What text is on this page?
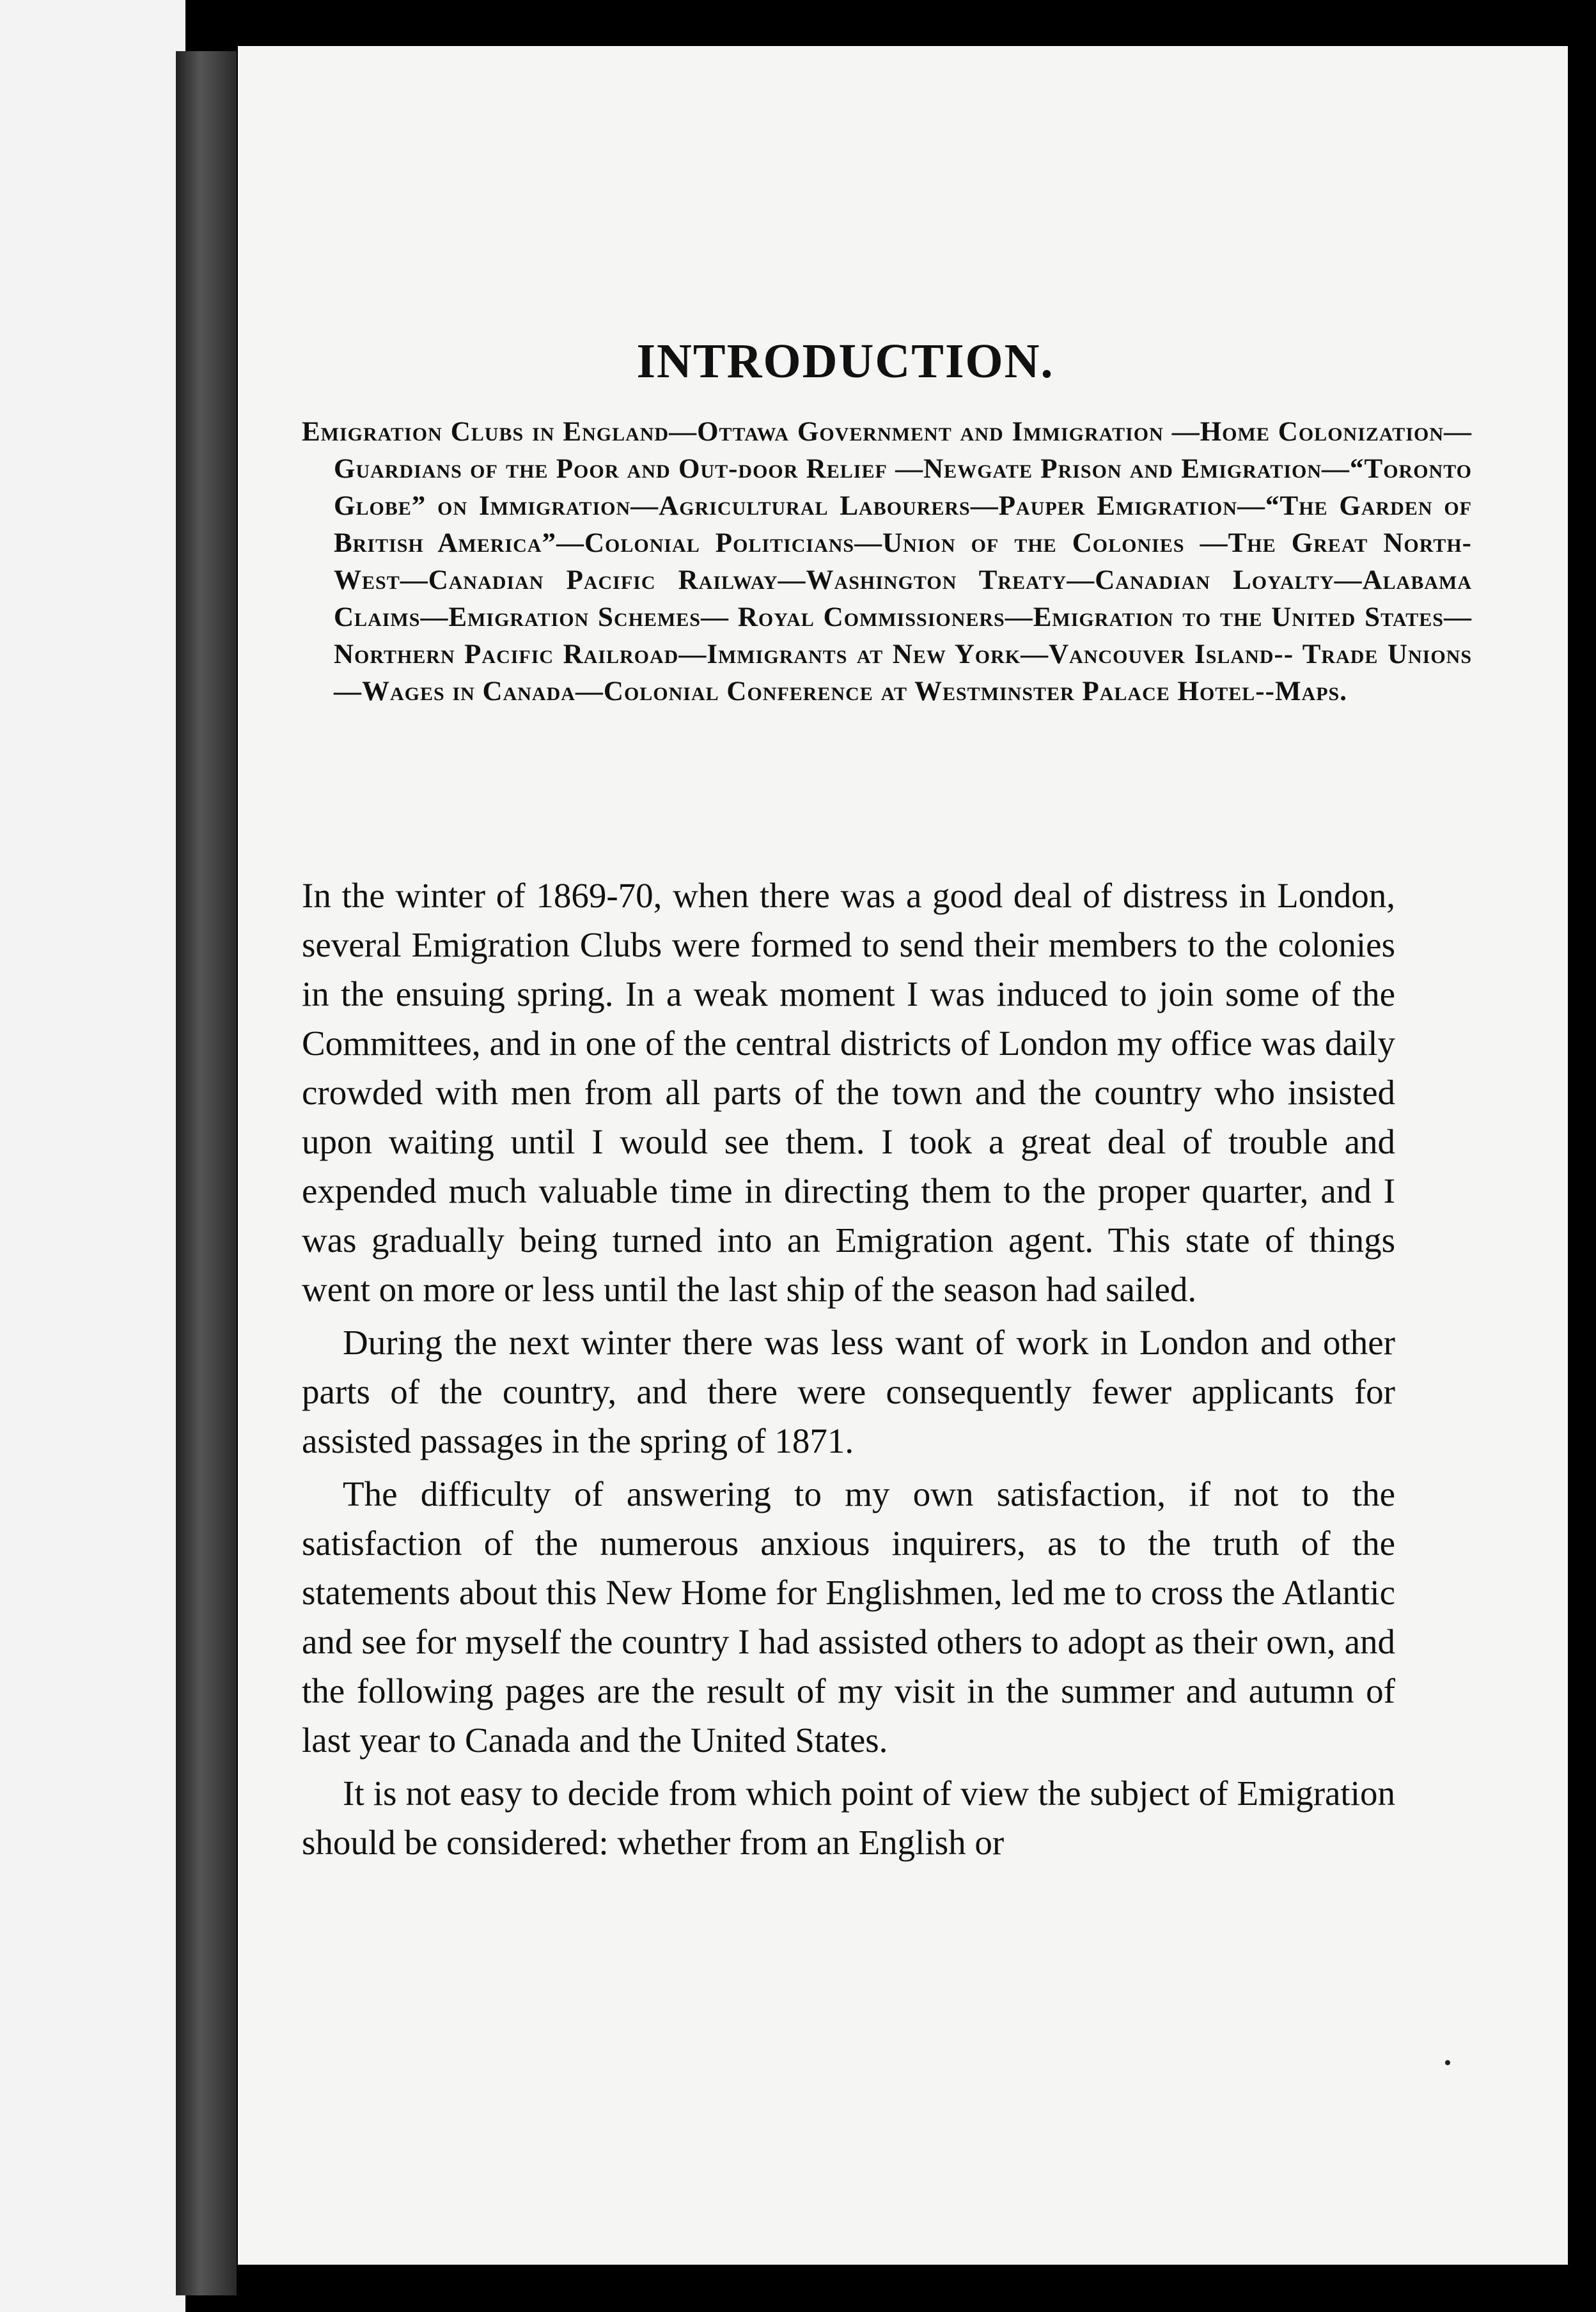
INTRODUCTION.

Emigration Clubs in England—Ottawa Government and Immigration —Home Colonization—Guardians of the Poor and Out-door Relief —Newgate Prison and Emigration—“Toronto Globe” on Immigration—Agricultural Labourers—Pauper Emigration—“The Garden of British America”—Colonial Politicians—Union of the Colonies —The Great North-West—Canadian Pacific Railway—Washington Treaty—Canadian Loyalty—Alabama Claims—Emigration Schemes— Royal Commissioners—Emigration to the United States—Northern Pacific Railroad—Immigrants at New York—Vancouver Island-- Trade Unions—Wages in Canada—Colonial Conference at Westminster Palace Hotel--Maps.

In the winter of 1869-70, when there was a good deal of distress in London, several Emigration Clubs were formed to send their members to the colonies in the ensuing spring. In a weak moment I was induced to join some of the Committees, and in one of the central districts of London my office was daily crowded with men from all parts of the town and the country who insisted upon waiting until I would see them. I took a great deal of trouble and expended much valuable time in directing them to the proper quarter, and I was gradually being turned into an Emigration agent. This state of things went on more or less until the last ship of the season had sailed.

During the next winter there was less want of work in London and other parts of the country, and there were consequently fewer applicants for assisted passages in the spring of 1871.

The difficulty of answering to my own satisfaction, if not to the satisfaction of the numerous anxious inquirers, as to the truth of the statements about this New Home for Englishmen, led me to cross the Atlantic and see for myself the country I had assisted others to adopt as their own, and the following pages are the result of my visit in the summer and autumn of last year to Canada and the United States.

It is not easy to decide from which point of view the subject of Emigration should be considered: whether from an English or
